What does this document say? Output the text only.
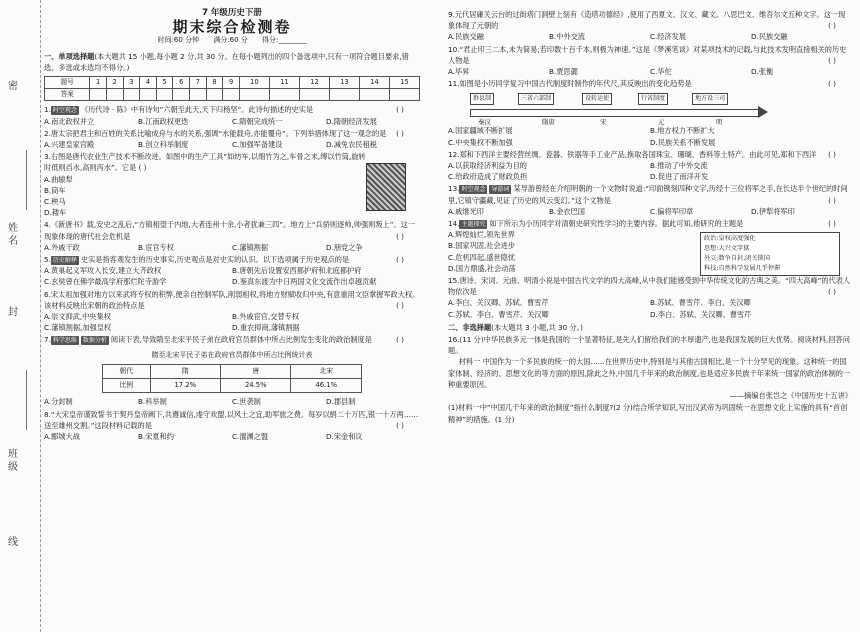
密
姓名
封
班级
线
7 年级历史下册
期末综合检测卷
时间:60 分钟 满分:60 分 得分:________
一、单项选择题(本大题共 15 小题,每小题 2 分,共 30 分。在每小题列出的四个备选项中,只有一项符合题目要求,错选、多选或未选均不得分。)
题号	1	2	3	4	5	6	7	8	9	10	11	12	13	14	15
答案															
1. 时空观念 《历代诗 · 陈》中有诗句“六朝至此天,天下归杨坚”。此诗句描述的史实是	( )
A.南北政权并立	B.江南政权更迭	C.隋朝完成统一	D.隋朝经济发展
2.唐太宗把君主和百姓的关系比喻成舟与水的关系,强调“水能载舟,亦能覆舟”。下列举措体现了这一观念的是 ( )
A.兴建皇家宫殿	B.创立科举制度	C.加强军备建设	D.减免农民租税
3.右图是唐代农业生产技术不断改进。如图中的生产工具“如纺车,以细竹为之,车骨之末,缚以竹筒,旋转时低则舀水,高则泻水”。它是 ( )
A.曲辕犁
B.筒车
C.秧马
D.耧车
4.《新唐书》载,安史之乱后,“方镇相望于内地,大者连州十余,小者犹兼三四”。地方上“兵骄则逐帅,帅强则叛上”。这一现象体现的唐代社会危机是	( )
A.外戚干政	B.宦官专权	C.藩镇割据	D.朋党之争
5. 历史解释 史实是指客观发生的历史事实,历史观点是对史实的认识。以下选项属于历史观点的是	( )
A.黄巢起义军攻入长安,建立大齐政权	B.唐朝先后设置安西都护府和北庭都护府
C.玄奘曾在佛学最高学府那烂陀寺游学	D.鉴真东渡为中日两国文化交流作出卓越贡献
6.宋太祖加强对地方以来武将专权的积弊,便亲自控制军队,削弱相权,将地方财赋收归中央,有意重用文臣掌握军政大权。该材料反映出宋朝的政治特点是	( )
A.崇文抑武,中央集权	B.外戚宦官,交替专权
C.藩镇割据,加强皇权	D.重农抑商,藩镇割据
7. 科学思维 数据分析 阅读下表,导致隋至北宋平民子弟在政府官员群体中所占比例发生变化的政治制度是	( )
隋至北宋平民子弟在政府官员群体中所占比例统计表
朝代	隋	唐	北宋
比例	17.2%	24.5%	46.1%
A.分封制	B.科举制	C.世袭制	D.郡县制
8.“大宋皇帝谨致誓书于契丹皇帝阙下,共遵诚信,虔守欢盟,以风土之宜,助军旅之费。每岁以绢二十万匹,银一十万两……送至雄州交割。”这段材料记载的是	( )
A.郾城大战	B.宋夏和约	C.澶渊之盟	D.宋金和议
9.元代居庸关云台的过街塔门洞壁上刻有《造塔功德经》,使用了西夏文、汉文、藏文、八思巴文、维吾尔文五种文字。这一现象体现了元朝的	( )
A.民族交融	B.中外交流	C.经济发展	D.民族交融
10.“君止印三二本,未为简易;若印数十百千本,则极为神速。”这是《梦溪笔谈》对某项技术的记载,与此技术发明直接相关的历史人物是	( )
A.毕昇	B.贾思勰	C.华佗	D.张衡
11.如图是小历同学复习中国古代制度时制作的年代尺,其反映出的变化趋势是	( )
群县制	三省六部制	设转运使	行省制度	地方设三司
秦汉	隋唐	宋	元	明
A.国家疆域不断扩展	B.地方权力不断扩大
C.中央集权不断加强	D.民族关系不断发展
12.郑和下西洋主要经营丝绸、瓷器、铁器等手工业产品,换取各国珠宝、珊瑚、香料等土特产。由此可见,郑和下西洋 ( )
A.以获取经济利益为目的	B.推动了中外交流
C.给政府造成了财政负担	D.促进了南洋开发
13. 时空观念 导游词 某导游曾经在介绍明朝的一个文物时说道:“印面镌刻四种文字,历经十三位将军之手,在长达半个世纪的时间里,它镇守疆藏,见证了历史的风云变幻。”这个文物是	( )
A.戚继光印	B.金衣巴国	C.偏将军印章	D.伊犁将军印
14. 主题探究 如下所示为小历同学对清朝史研究性学习的主要内容。据此可知,他研究的主题是	( )
政治:皇权高度强化
思想:大兴文字狱
外交:数争自封,闭关锁国
科技:自然科学发展几乎停滞
A.辉煌灿烂,领先世界
B.国家巩固,社会进步
C.危机四起,盛世隐忧
D.国力鼎盛,社会动荡
15.唐诗、宋词、元曲、明清小说是中国古代文学的四大高峰,从中我们能感受到中华传统文化的古典之美。“四大高峰”的代表人物依次是	( )
A.李白、关汉卿、苏轼、曹雪芹	B.苏轼、曹雪芹、李白、关汉卿
C.苏轼、李白、曹雪芹、关汉卿	D.李白、苏轼、关汉卿、曹雪芹
二、非选择题(本大题共 3 小题,共 30 分。)
16.(11 分)中华民族多元一体是我国的一个显著特征,是先人们留给我们的丰厚遗产,也是我国发展的巨大优势。阅读材料,回答问题。
材料一 中国作为一个多民族的统一的大国……在世界历史中,特别是与其他古国相比,是一个十分罕见的现象。这种统一的国家体制、经济的、思想文化的等方面的原因,除此之外,中国几千年来的政治制度,也是适应多民族千年来统一国家的政治体制的一种重要原因。
——摘编自张岂之《中国历史十五讲》
(1)材料一中“中国几千年来的政治制度”指什么制度?(2 分)结合所学知识,写出汉武帝为巩固统一在思想文化上实施的具有“首创精神”的措施。(1 分)
